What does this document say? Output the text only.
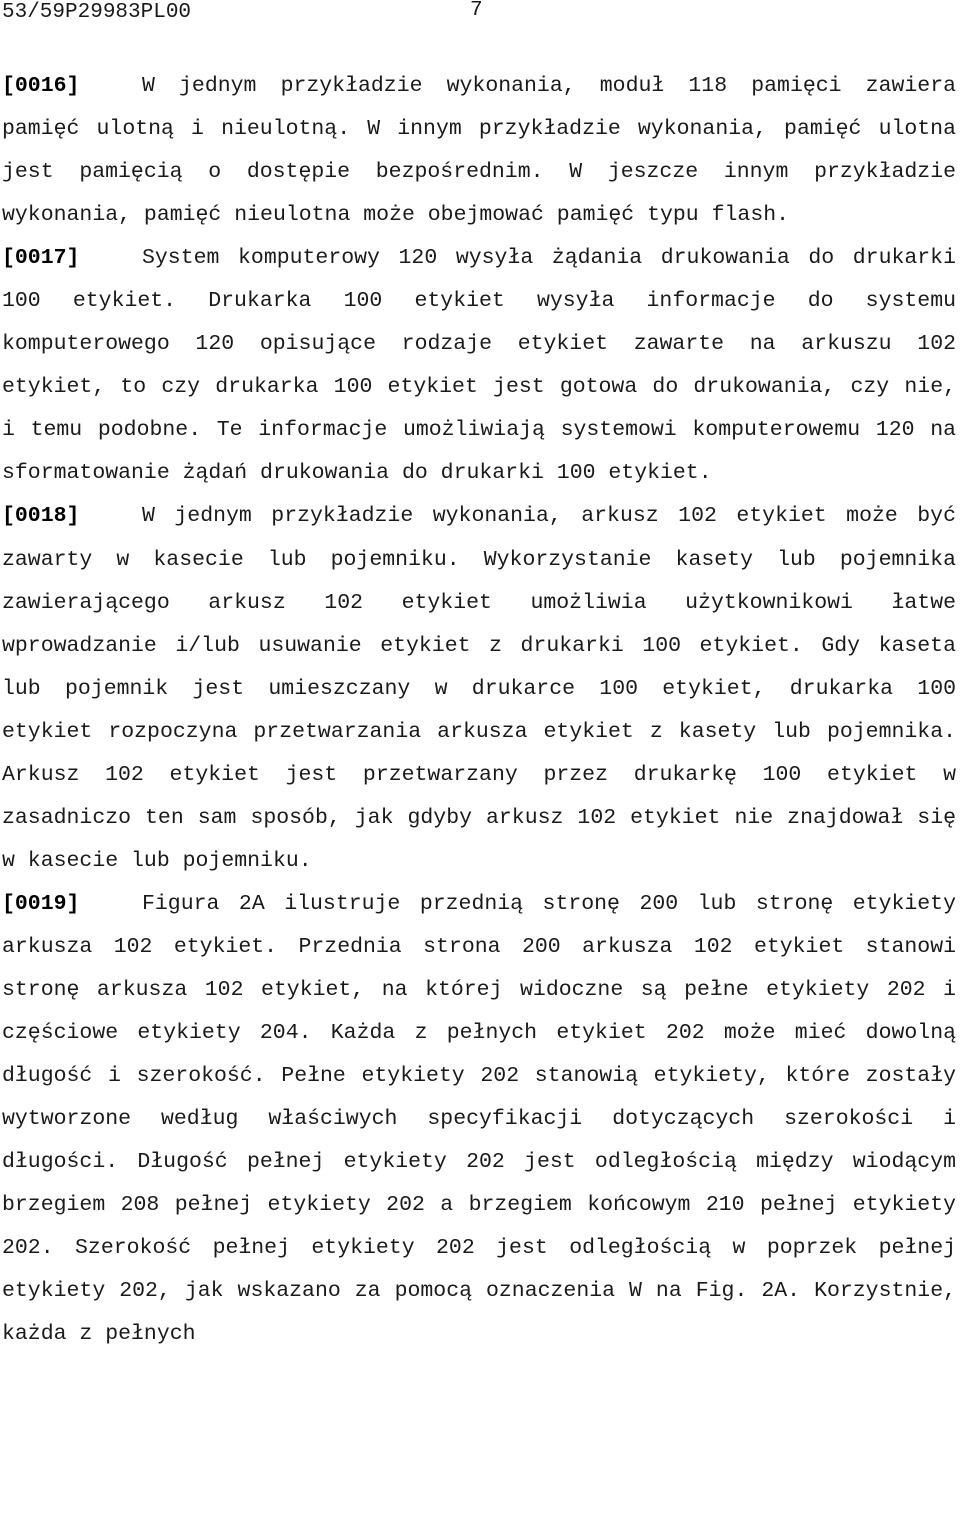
53/59P29983PL00	7

[0016]	W jednym przykładzie wykonania, moduł 118 pamięci zawiera pamięć ulotną i nieulotną. W innym przykładzie wykonania, pamięć ulotna jest pamięcią o dostępie bezpośrednim. W jeszcze innym przykładzie wykonania, pamięć nieulotna może obejmować pamięć typu flash.

[0017]	System komputerowy 120 wysyła żądania drukowania do drukarki 100 etykiet. Drukarka 100 etykiet wysyła informacje do systemu komputerowego 120 opisujące rodzaje etykiet zawarte na arkuszu 102 etykiet, to czy drukarka 100 etykiet jest gotowa do drukowania, czy nie, i temu podobne. Te informacje umożliwiają systemowi komputerowemu 120 na sformatowanie żądań drukowania do drukarki 100 etykiet.

[0018]	W jednym przykładzie wykonania, arkusz 102 etykiet może być zawarty w kasecie lub pojemniku. Wykorzystanie kasety lub pojemnika zawierającego arkusz 102 etykiet umożliwia użytkownikowi łatwe wprowadzanie i/lub usuwanie etykiet z drukarki 100 etykiet. Gdy kaseta lub pojemnik jest umieszczany w drukarce 100 etykiet, drukarka 100 etykiet rozpoczyna przetwarzania arkusza etykiet z kasety lub pojemnika. Arkusz 102 etykiet jest przetwarzany przez drukarkę 100 etykiet w zasadniczo ten sam sposób, jak gdyby arkusz 102 etykiet nie znajdował się w kasecie lub pojemniku.

[0019]	Figura 2A ilustruje przednią stronę 200 lub stronę etykiety arkusza 102 etykiet. Przednia strona 200 arkusza 102 etykiet stanowi stronę arkusza 102 etykiet, na której widoczne są pełne etykiety 202 i częściowe etykiety 204. Każda z pełnych etykiet 202 może mieć dowolną długość i szerokość. Pełne etykiety 202 stanowią etykiety, które zostały wytworzone według właściwych specyfikacji dotyczących szerokości i długości. Długość pełnej etykiety 202 jest odległością między wiodącym brzegiem 208 pełnej etykiety 202 a brzegiem końcowym 210 pełnej etykiety 202. Szerokość pełnej etykiety 202 jest odległością w poprzek pełnej etykiety 202, jak wskazano za pomocą oznaczenia W na Fig. 2A. Korzystnie, każda z pełnych
